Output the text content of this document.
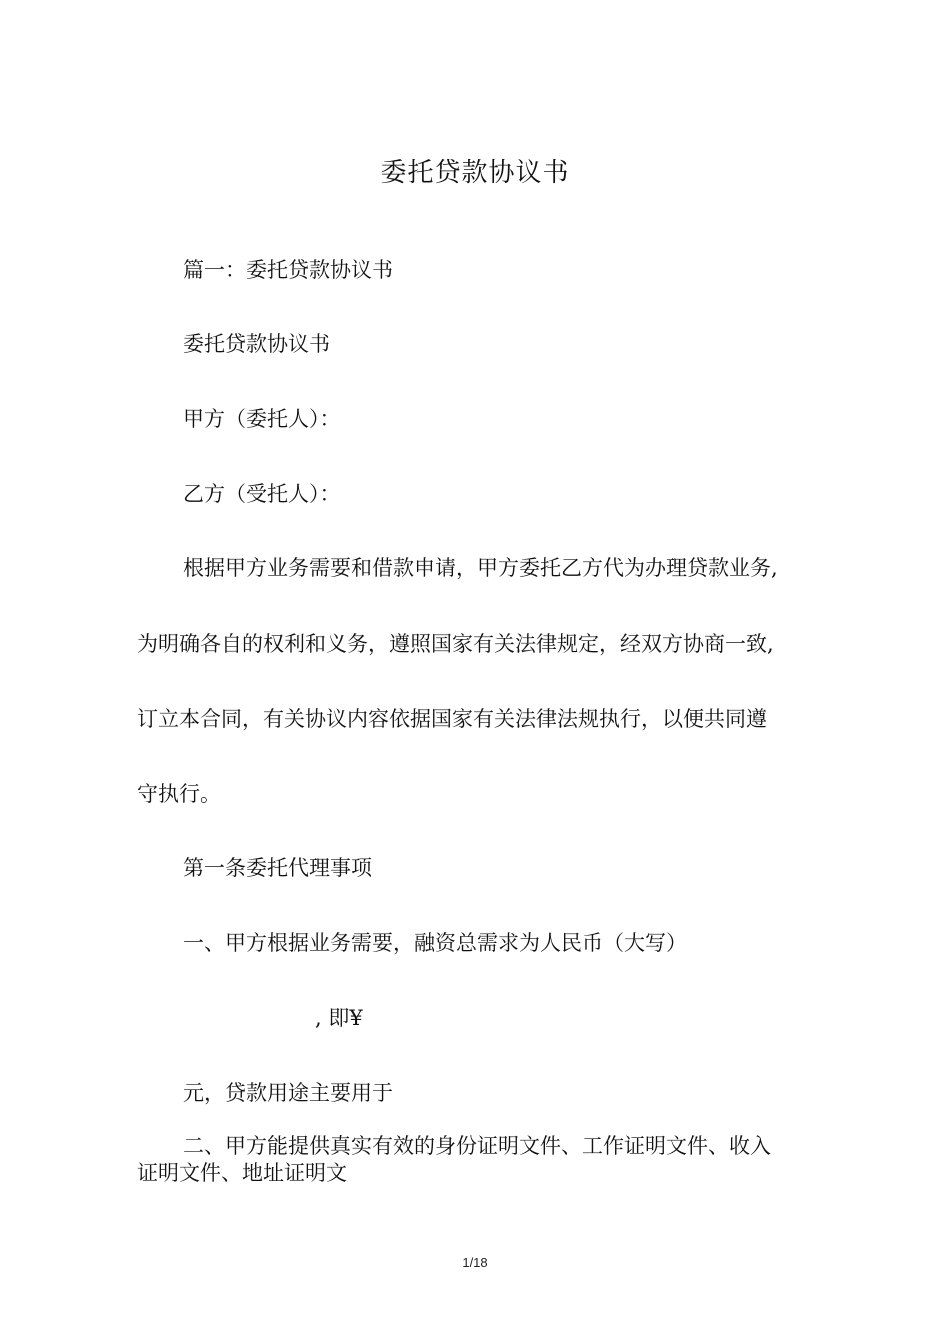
委托贷款协议书
篇一：委托贷款协议书
委托贷款协议书
甲方（委托人）：
乙方（受托人）：
根据甲方业务需要和借款申请，甲方委托乙方代为办理贷款业务,
为明确各自的权利和义务，遵照国家有关法律规定，经双方协商一致,
订立本合同，有关协议内容依据国家有关法律法规执行，以便共同遵
守执行。
第一条委托代理事项
一、甲方根据业务需要，融资总需求为人民币（大写）
, 即¥
元，贷款用途主要用于
二、甲方能提供真实有效的身份证明文件、工作证明文件、收入
证明文件、地址证明文
1/18
